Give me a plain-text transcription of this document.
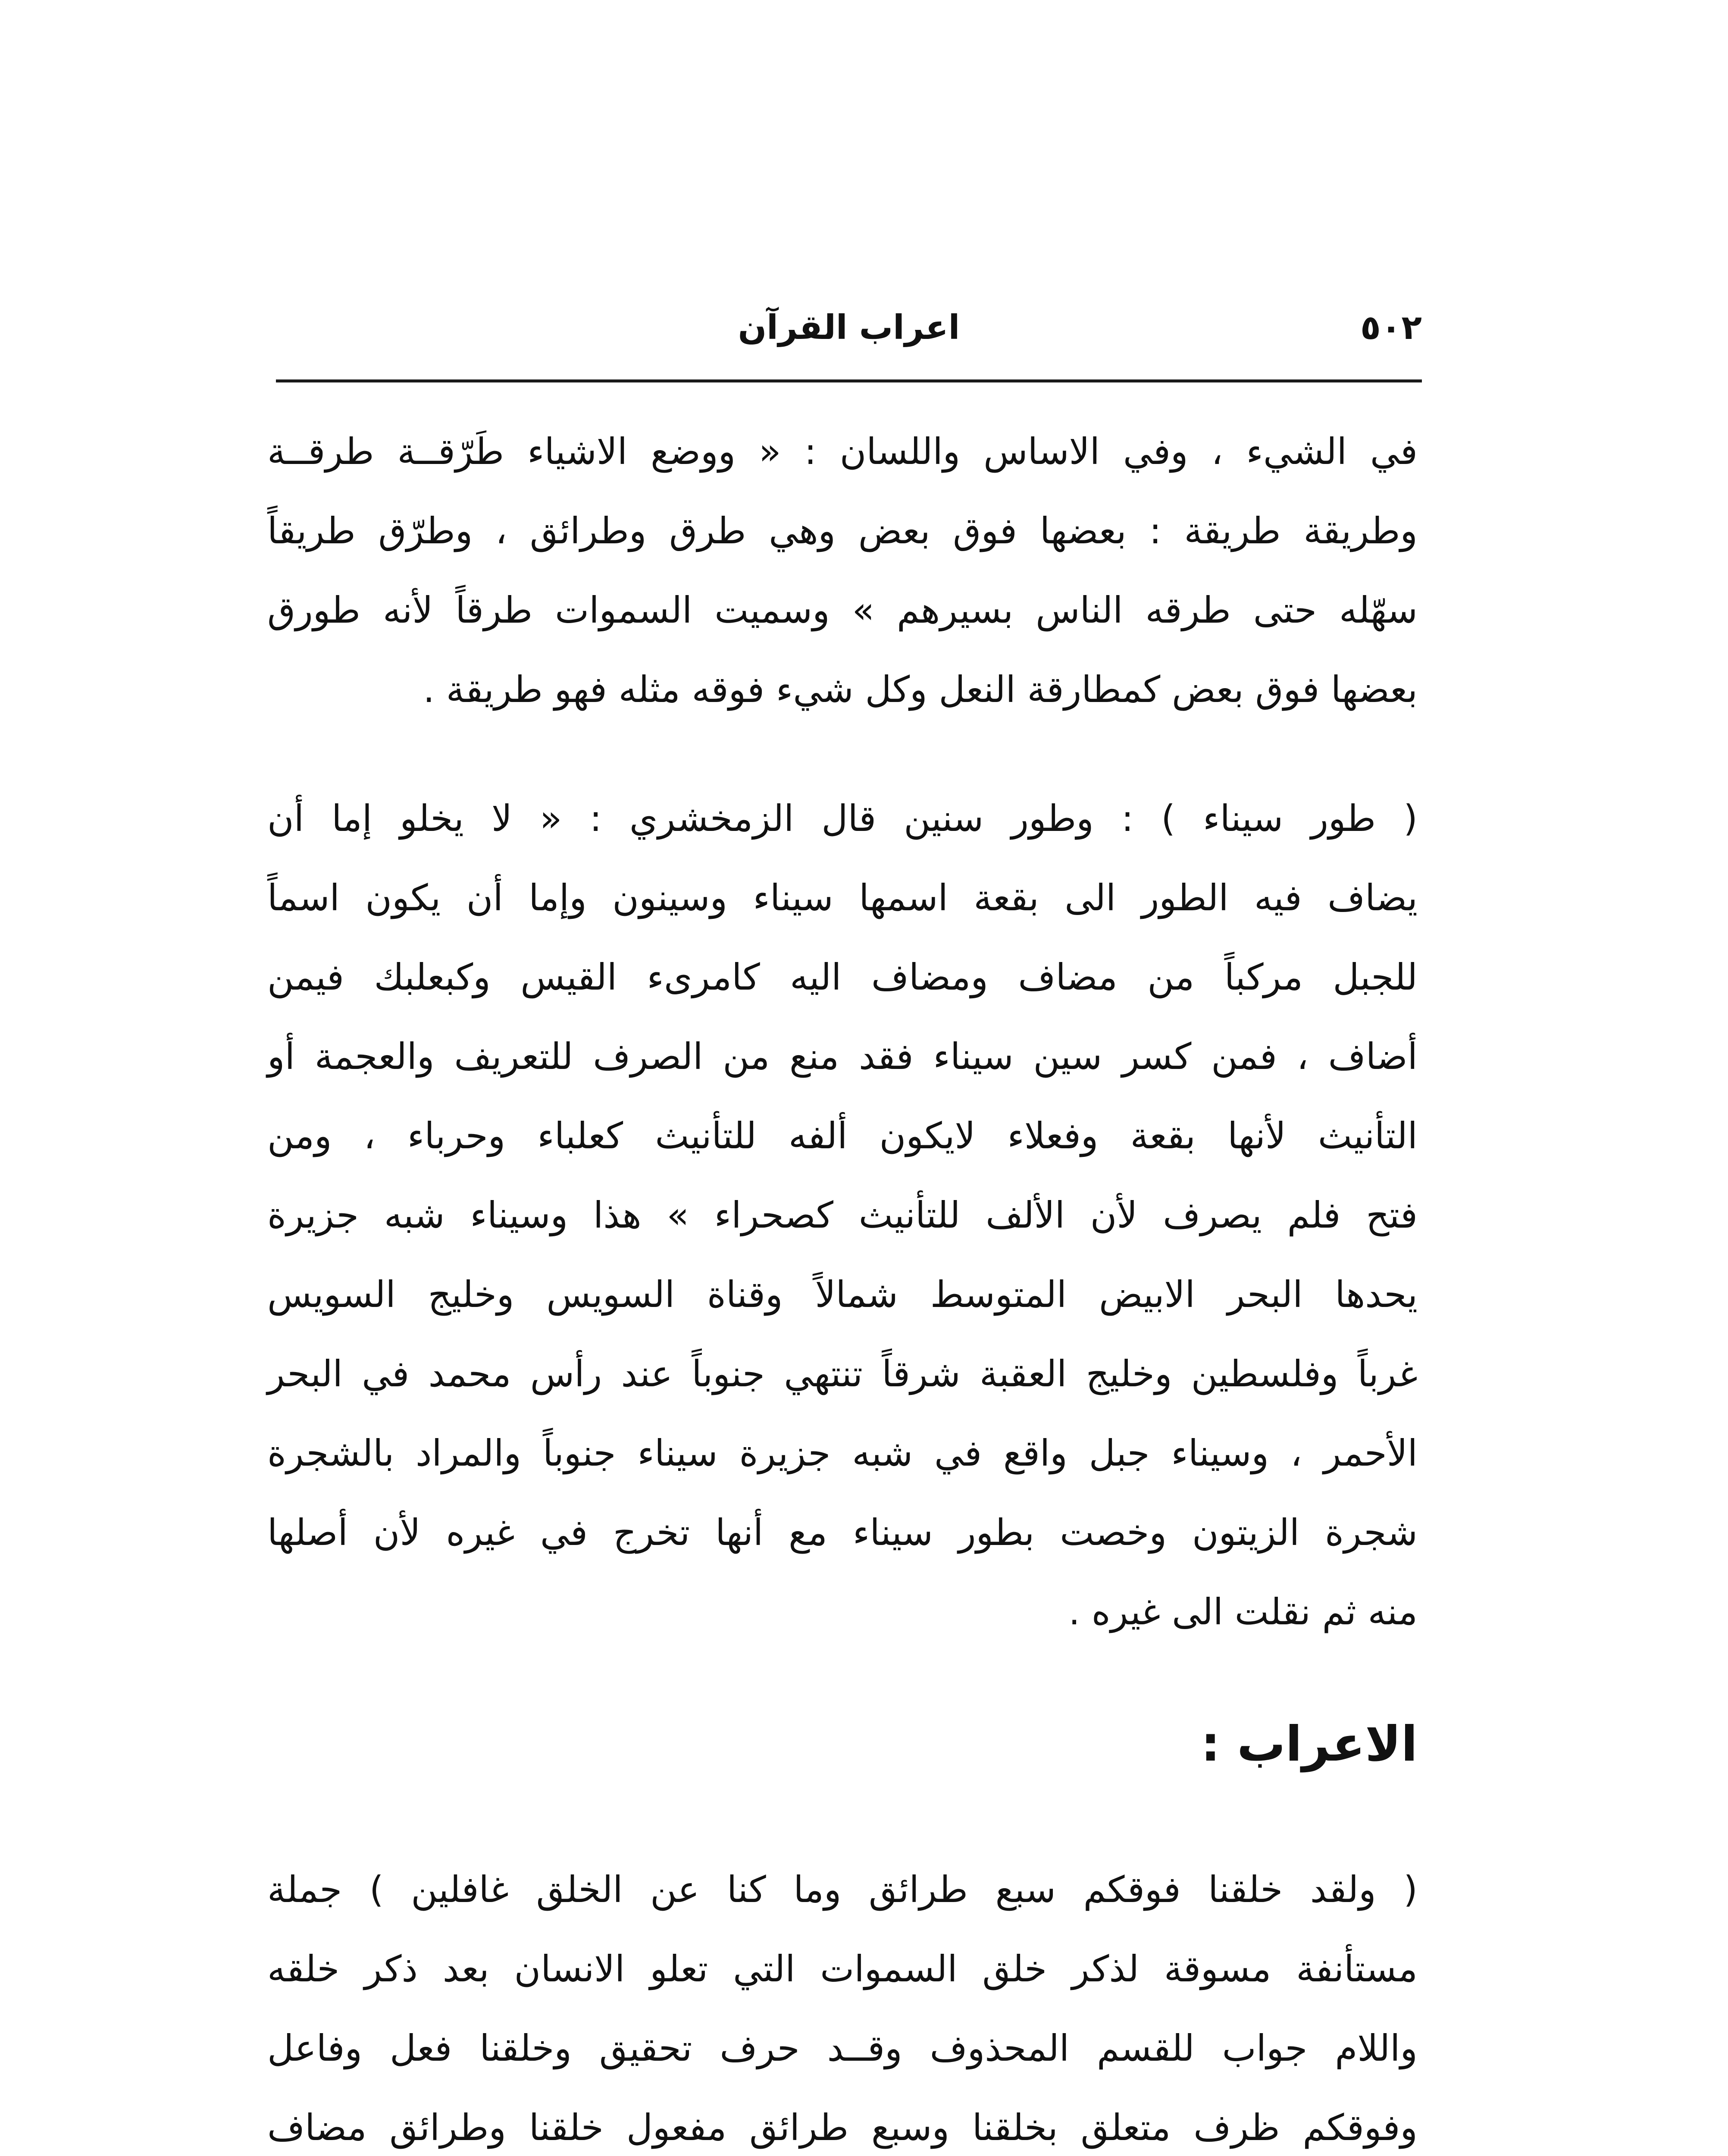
٥٠٢
اعراب القرآن

في الشيء ، وفي الاساس واللسان : « ووضع الاشياء طَرّقــة طرقــة
وطريقة طريقة : بعضها فوق بعض وهي طرق وطرائق ، وطرّق طريقاً
سهّله حتى طرقه الناس بسيرهم » وسميت السموات طرقاً لأنه طورق
بعضها فوق بعض كمطارقة النعل وكل شيء فوقه مثله فهو طريقة .

( طور سيناء ) : وطور سنين قال الزمخشري : « لا يخلو إما أن
يضاف فيه الطور الى بقعة اسمها سيناء وسينون وإما أن يكون اسماً
للجبل مركباً من مضاف ومضاف اليه كامرىء القيس وكبعلبك فيمن
أضاف ، فمن كسر سين سيناء فقد منع من الصرف للتعريف والعجمة أو
التأنيث لأنها بقعة وفعلاء لايكون ألفه للتأنيث كعلباء وحرباء ، ومن
فتح فلم يصرف لأن الألف للتأنيث كصحراء » هذا وسيناء شبه جزيرة
يحدها البحر الابيض المتوسط شمالاً وقناة السويس وخليج السويس
غرباً وفلسطين وخليج العقبة شرقاً تنتهي جنوباً عند رأس محمد في البحر
الأحمر ، وسيناء جبل واقع في شبه جزيرة سيناء جنوباً والمراد بالشجرة
شجرة الزيتون وخصت بطور سيناء مع أنها تخرج في غيره لأن أصلها
منه ثم نقلت الى غيره .

الاعراب :

( ولقد خلقنا فوقكم سبع طرائق وما كنا عن الخلق غافلين ) جملة
مستأنفة مسوقة لذكر خلق السموات التي تعلو الانسان بعد ذكر خلقه
واللام جواب للقسم المحذوف وقــد حرف تحقيق وخلقنا فعل وفاعل
وفوقكم ظرف متعلق بخلقنا وسبع طرائق مفعول خلقنا وطرائق مضاف
